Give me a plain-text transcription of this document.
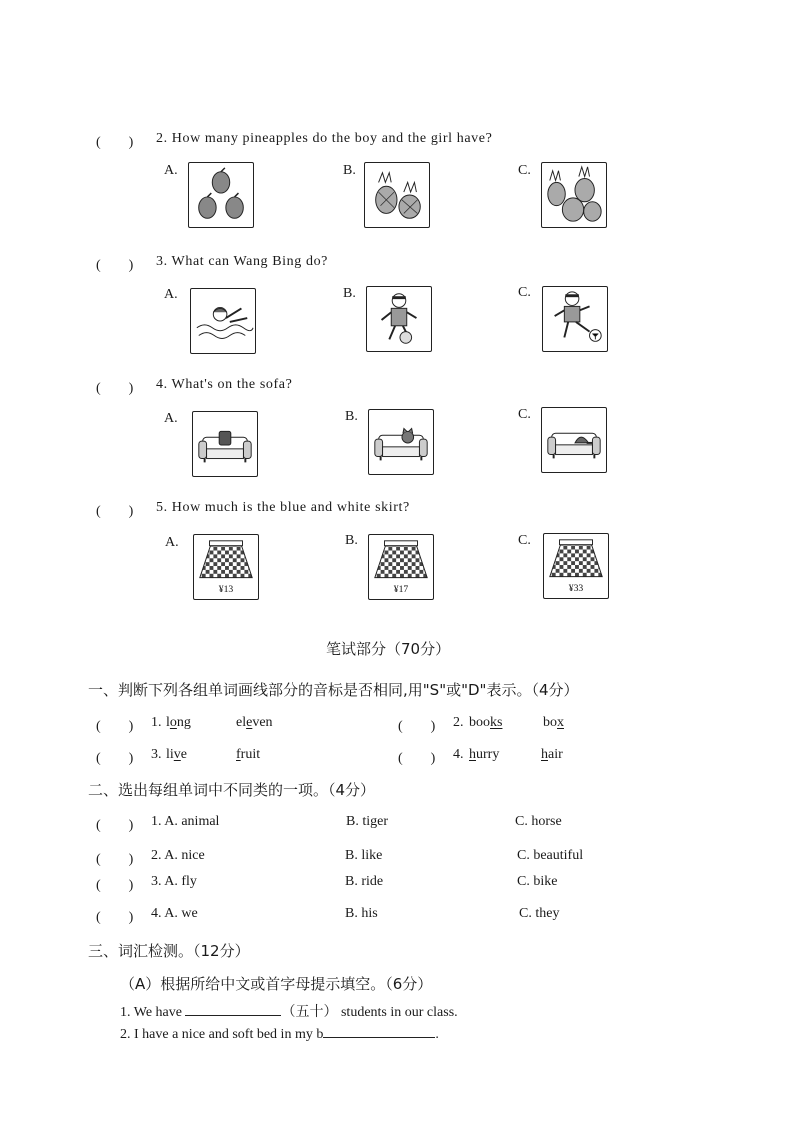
(　　) 2. How many pineapples do the boy and the girl have?
A.	B.	C.
(　　) 3. What can Wang Bing do?
A.	B.	C.
(　　) 4. What's on the sofa?
A.	B.	C.
(　　) 5. How much is the blue and white skirt?
A.	B.	C.
¥13	¥17	¥33
笔试部分（70分）
一、判断下列各组单词画线部分的音标是否相同,用"S"或"D"表示。（4分）
(　　) 1. long	eleven	(　　) 2. books	box
(　　) 3. live	fruit	(　　) 4. hurry	hair
二、选出每组单词中不同类的一项。（4分）
(　　) 1. A. animal	B. tiger	C. horse
(　　) 2. A. nice	B. like	C. beautiful
(　　) 3. A. fly	B. ride	C. bike
(　　) 4. A. we	B. his	C. they
三、词汇检测。（12分）
（A）根据所给中文或首字母提示填空。（6分）
1. We have	（五十） students in our class.
2. I have a nice and soft bed in my b	.
